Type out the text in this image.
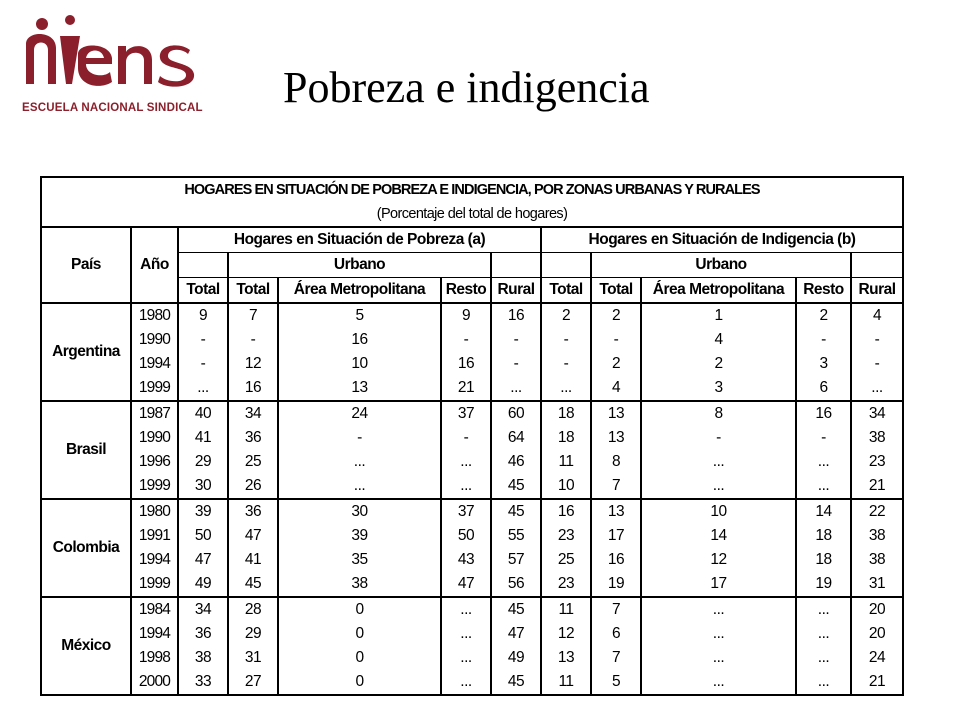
ESCUELA NACIONAL SINDICAL Pobreza e indigencia
HOGARES EN SITUACIÓN DE POBREZA E INDIGENCIA, POR ZONAS URBANAS Y RURALES											
(Porcentaje del total de hogares)											
País	Año	Hogares en Situación de Pobreza (a)					Hogares en Situación de Indigencia (b)				
			Urbano					Urbano			
		Total	Total	Área Metropolitana	Resto	Rural	Total	Total	Área Metropolitana	Resto	Rural
Argentina	1980	9	7	5	9	16	2	2	1	2	4
	1990	-	-	16	-	-	-	-	4	-	-
	1994	-	12	10	16	-	-	2	2	3	-
	1999	...	16	13	21	...	...	4	3	6	...
Brasil	1987	40	34	24	37	60	18	13	8	16	34
	1990	41	36	-	-	64	18	13	-	-	38
	1996	29	25	...	...	46	11	8	...	...	23
	1999	30	26	...	...	45	10	7	...	...	21
Colombia	1980	39	36	30	37	45	16	13	10	14	22
	1991	50	47	39	50	55	23	17	14	18	38
	1994	47	41	35	43	57	25	16	12	18	38
	1999	49	45	38	47	56	23	19	17	19	31
México	1984	34	28	0	...	45	11	7	...	...	20
	1994	36	29	0	...	47	12	6	...	...	20
	1998	38	31	0	...	49	13	7	...	...	24
	2000	33	27	0	...	45	11	5	...	...	21
